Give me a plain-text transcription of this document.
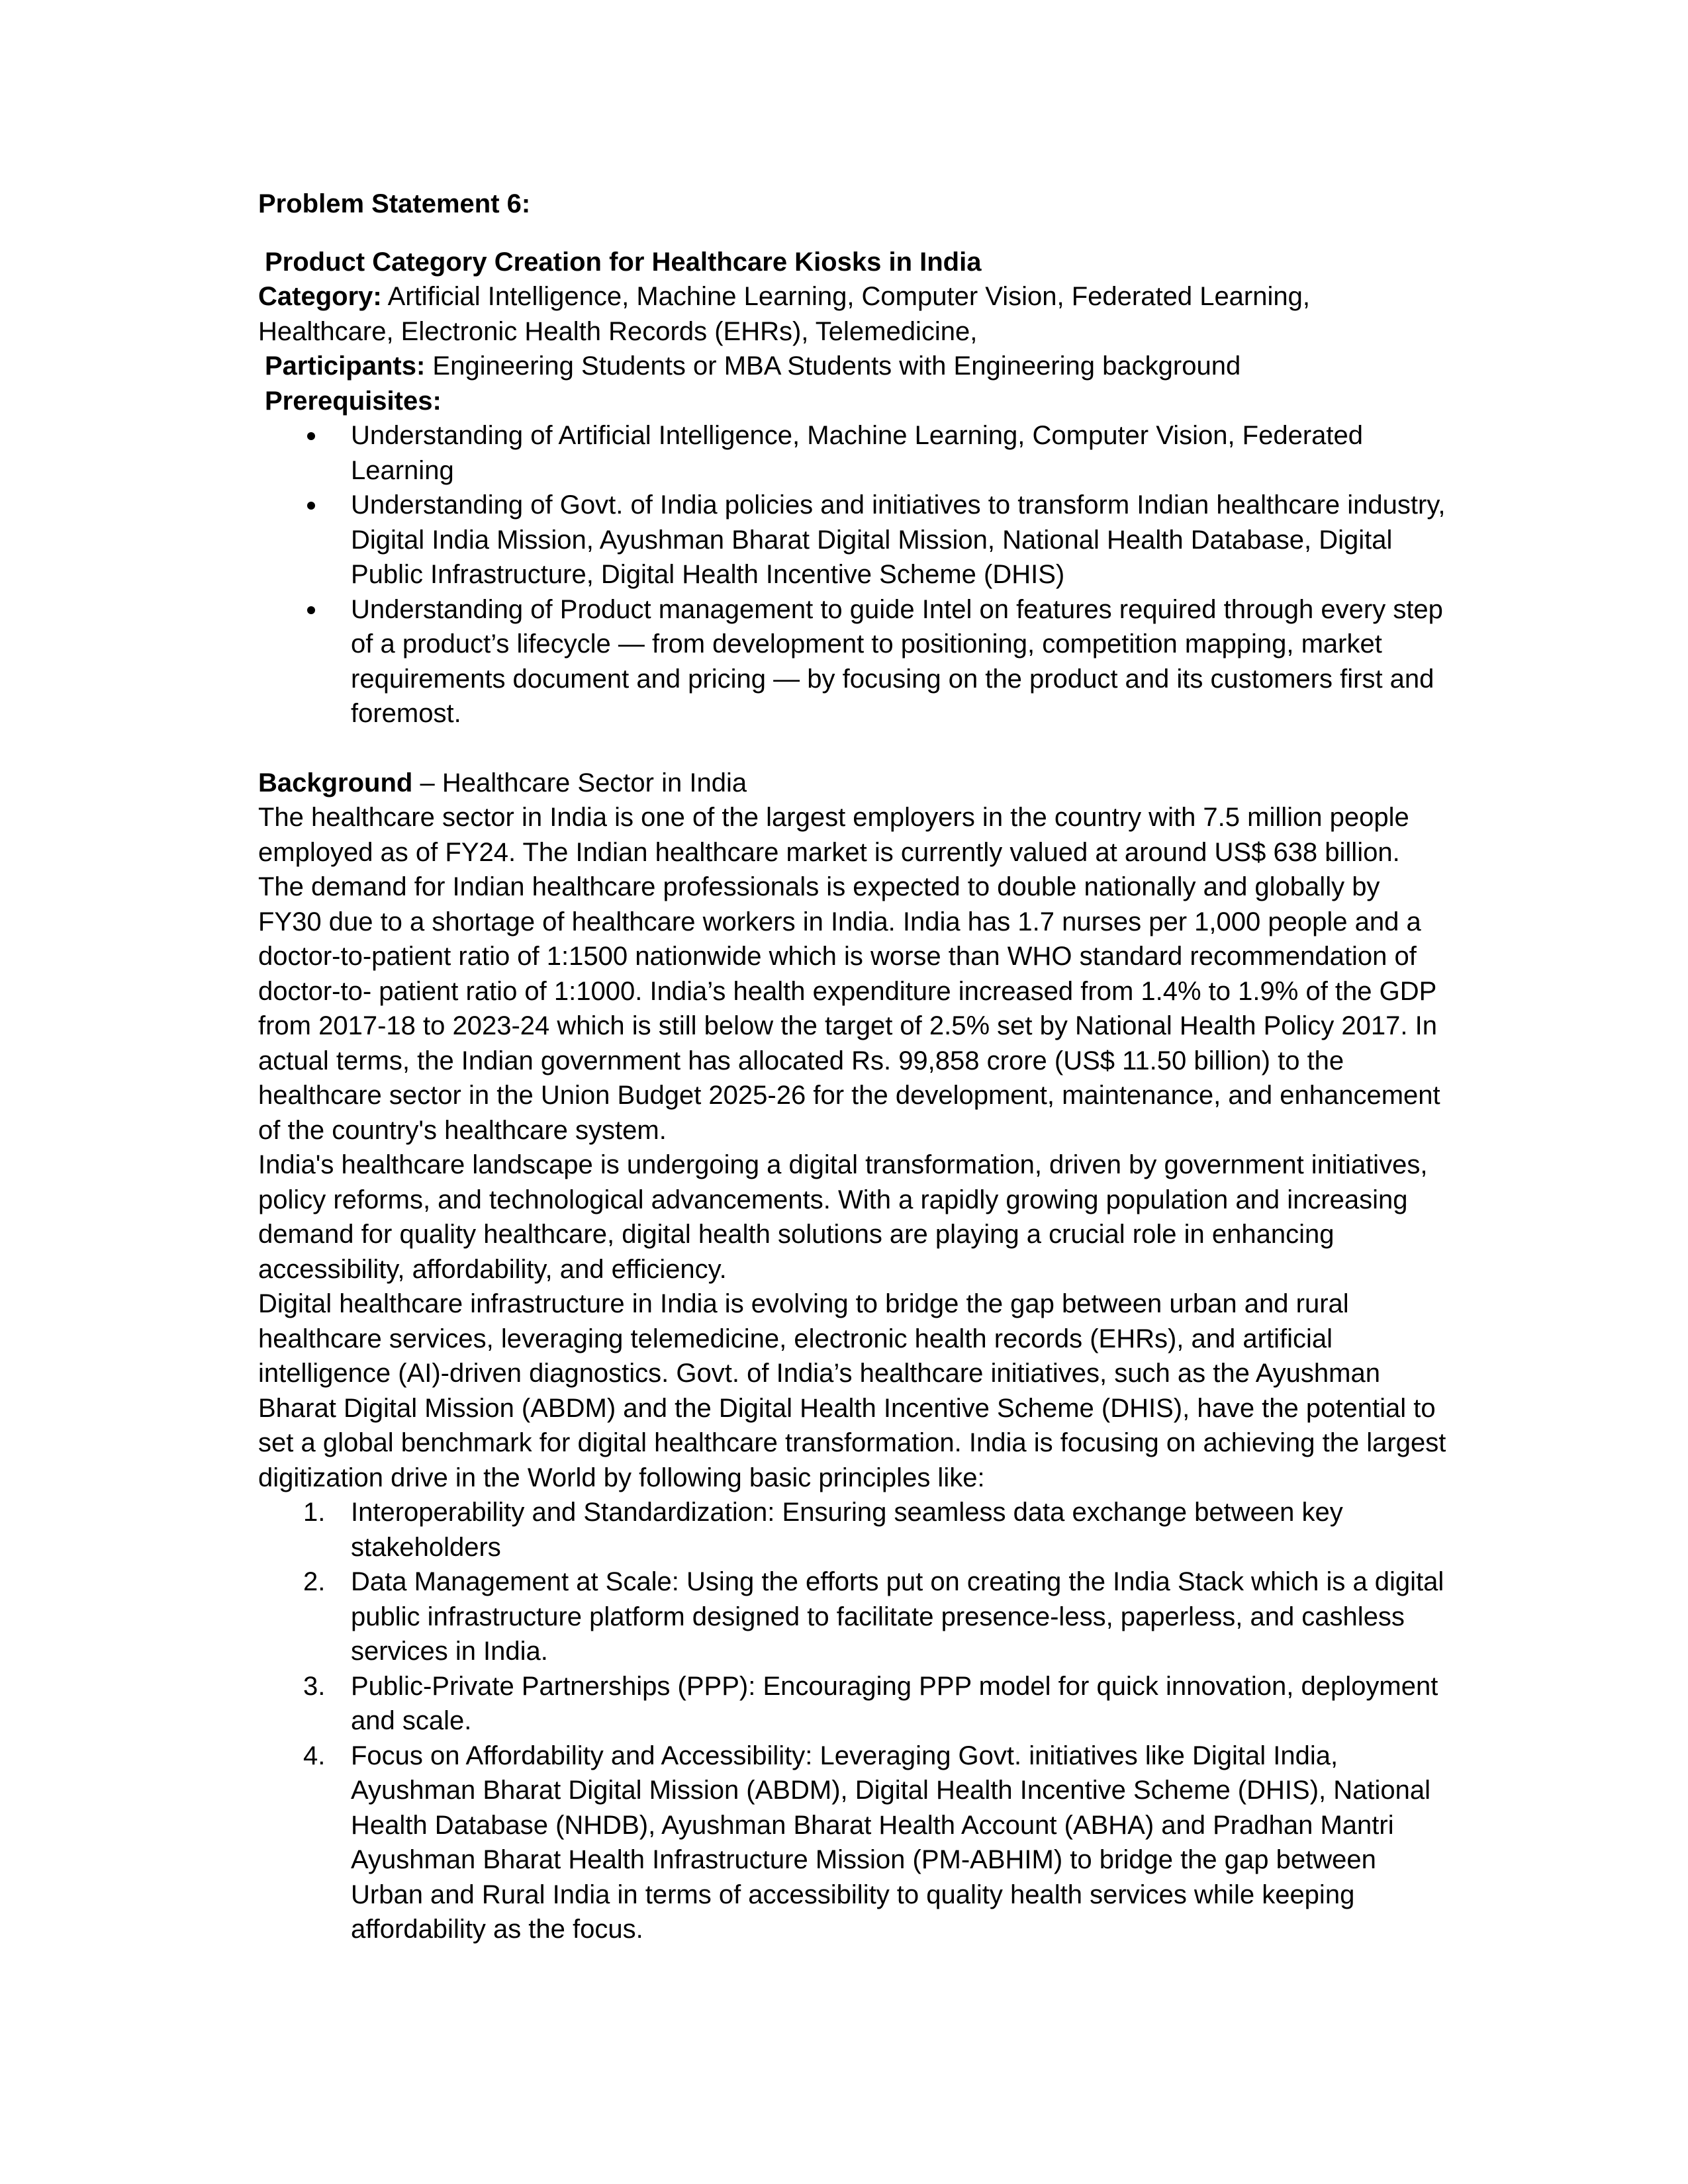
Problem Statement 6:

Product Category Creation for Healthcare Kiosks in India

Category: Artificial Intelligence, Machine Learning, Computer Vision, Federated Learning, Healthcare, Electronic Health Records (EHRs), Telemedicine,

Participants: Engineering Students or MBA Students with Engineering background

Prerequisites:

Understanding of Artificial Intelligence, Machine Learning, Computer Vision, Federated Learning
Understanding of Govt. of India policies and initiatives to transform Indian healthcare industry, Digital India Mission, Ayushman Bharat Digital Mission, National Health Database, Digital Public Infrastructure, Digital Health Incentive Scheme (DHIS)
Understanding of Product management to guide Intel on features required through every step of a product’s lifecycle — from development to positioning, competition mapping, market requirements document and pricing — by focusing on the product and its customers first and foremost.

Background – Healthcare Sector in India

The healthcare sector in India is one of the largest employers in the country with 7.5 million people employed as of FY24. The Indian healthcare market is currently valued at around US$ 638 billion.

The demand for Indian healthcare professionals is expected to double nationally and globally by FY30 due to a shortage of healthcare workers in India. India has 1.7 nurses per 1,000 people and a doctor-to-patient ratio of 1:1500 nationwide which is worse than WHO standard recommendation of doctor-to- patient ratio of 1:1000. India’s health expenditure increased from 1.4% to 1.9% of the GDP from 2017-18 to 2023-24 which is still below the target of 2.5% set by National Health Policy 2017. In actual terms, the Indian government has allocated Rs. 99,858 crore (US$ 11.50 billion) to the healthcare sector in the Union Budget 2025-26 for the development, maintenance, and enhancement of the country's healthcare system.

India's healthcare landscape is undergoing a digital transformation, driven by government initiatives, policy reforms, and technological advancements. With a rapidly growing population and increasing demand for quality healthcare, digital health solutions are playing a crucial role in enhancing accessibility, affordability, and efficiency.

Digital healthcare infrastructure in India is evolving to bridge the gap between urban and rural healthcare services, leveraging telemedicine, electronic health records (EHRs), and artificial intelligence (AI)-driven diagnostics. Govt. of India’s healthcare initiatives, such as the Ayushman Bharat Digital Mission (ABDM) and the Digital Health Incentive Scheme (DHIS), have the potential to set a global benchmark for digital healthcare transformation. India is focusing on achieving the largest digitization drive in the World by following basic principles like:

1. Interoperability and Standardization: Ensuring seamless data exchange between key stakeholders
2. Data Management at Scale: Using the efforts put on creating the India Stack which is a digital public infrastructure platform designed to facilitate presence-less, paperless, and cashless services in India.
3. Public-Private Partnerships (PPP): Encouraging PPP model for quick innovation, deployment and scale.
4. Focus on Affordability and Accessibility: Leveraging Govt. initiatives like Digital India, Ayushman Bharat Digital Mission (ABDM), Digital Health Incentive Scheme (DHIS), National Health Database (NHDB), Ayushman Bharat Health Account (ABHA) and Pradhan Mantri Ayushman Bharat Health Infrastructure Mission (PM-ABHIM) to bridge the gap between Urban and Rural India in terms of accessibility to quality health services while keeping affordability as the focus.
